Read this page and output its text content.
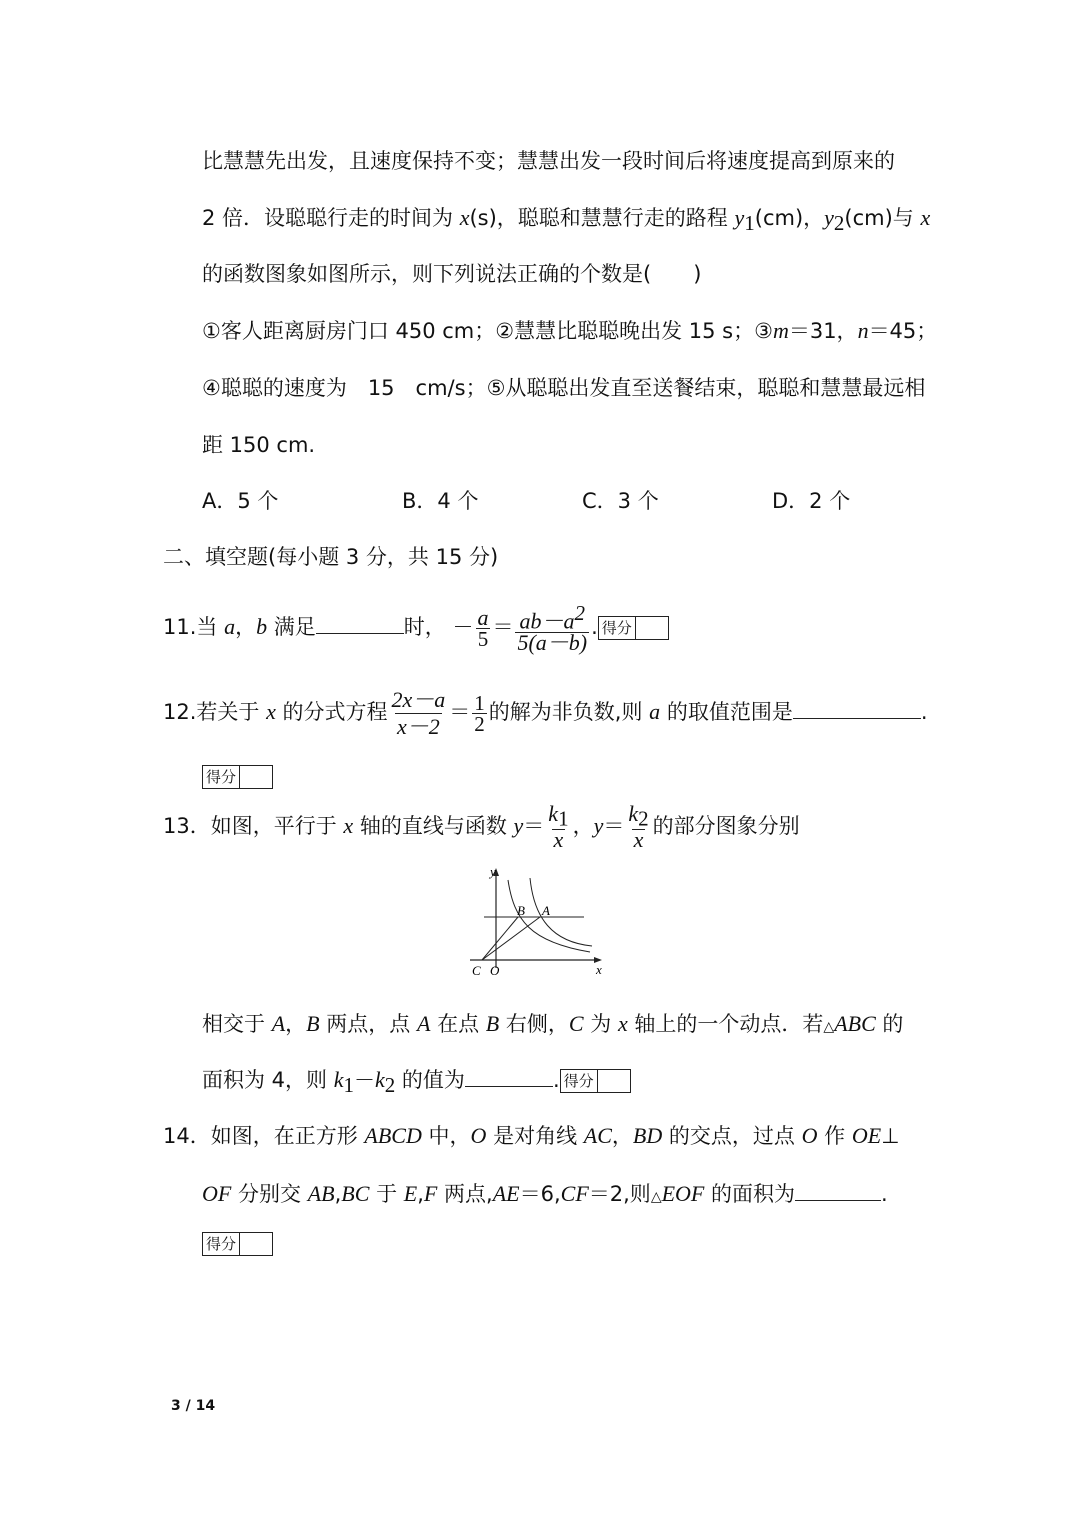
比慧慧先出发，且速度保持不变；慧慧出发一段时间后将速度提高到原来的
2 倍．设聪聪行走的时间为 x(s)，聪聪和慧慧行走的路程 $y_1(cm)$，$y_2(cm)$与 x
的函数图象如图所示，则下列说法正确的个数是(　　)
①客人距离厨房门口 450 cm；②慧慧比聪聪晚出发 15 s；③m＝31，n＝45；
④聪聪的速度为　15　cm/s；⑤从聪聪出发直至送餐结束，聪聪和慧慧最远相
距 150 cm.
A．5 个	B．4 个	C．3 个	D．2 个
二、填空题(每小题 3 分，共 15 分)
11.当 a，b 满足	时， － $\frac{a}{5} = \frac{ab-a^2}{5(a-b)}$ . 得分
12.若关于 x 的分式方程 $\frac{2x-a}{x-2} = \frac{1}{2}$ 的解为非负数,则 a 的取值范围是	.
得分
13．如图，平行于 x 轴的直线与函数 $y= \frac{k_1}{x}$ ，$y= \frac{k_2}{x}$ 的部分图象分别
y
x
B A
C O
相交于 A，B 两点，点 A 在点 B 右侧，C 为 x 轴上的一个动点．若△ABC 的
面积为 4，则 $k_1-k_2$ 的值为	. 得分
14．如图，在正方形 ABCD 中，O 是对角线 AC，BD 的交点，过点 O 作 OE⊥
OF 分别交 AB,BC 于 E,F 两点,AE＝6,CF＝2,则△EOF 的面积为	.
得分
3 / 14
